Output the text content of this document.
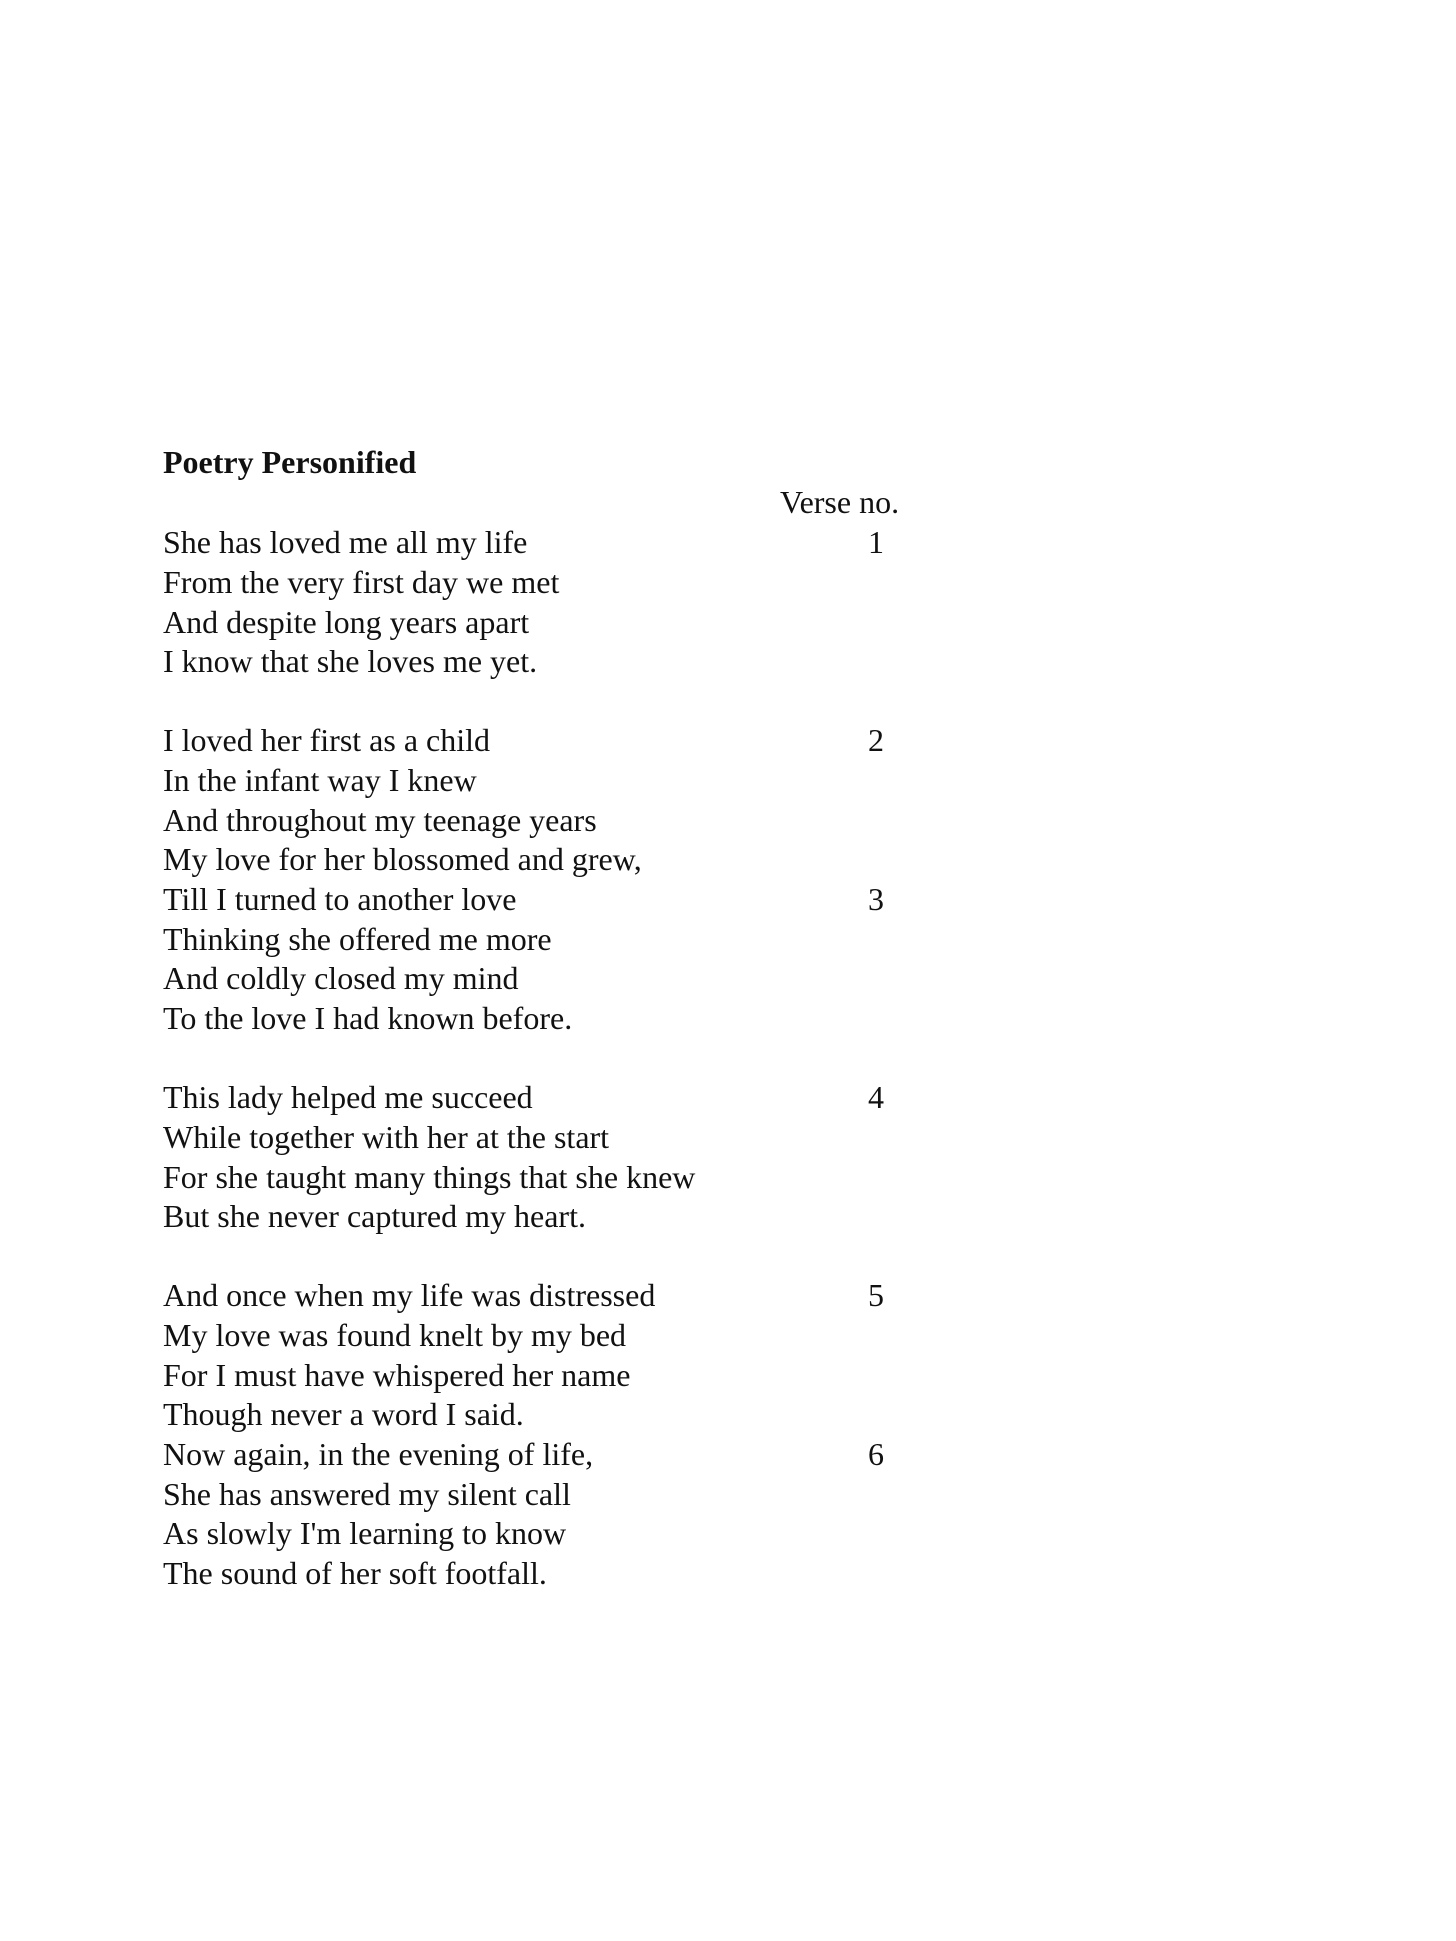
Poetry Personified
Verse no.
She has loved me all my life	1
From the very first day we met
And despite long years apart
I know that she loves me yet.
I loved her first as a child	2
In the infant way I knew
And throughout my teenage years
My love for her blossomed and grew,
Till I turned to another love	3
Thinking she offered me more
And coldly closed my mind
To the love I had known before.
This lady helped me succeed	4
While together with her at the start
For she taught many things that she knew
But she never captured my heart.
And once when my life was distressed	5
My love was found knelt by my bed
For I must have whispered her name
Though never a word I said.
Now again, in the evening of life,	6
She has answered my silent call
As slowly I'm learning to know
The sound of her soft footfall.
